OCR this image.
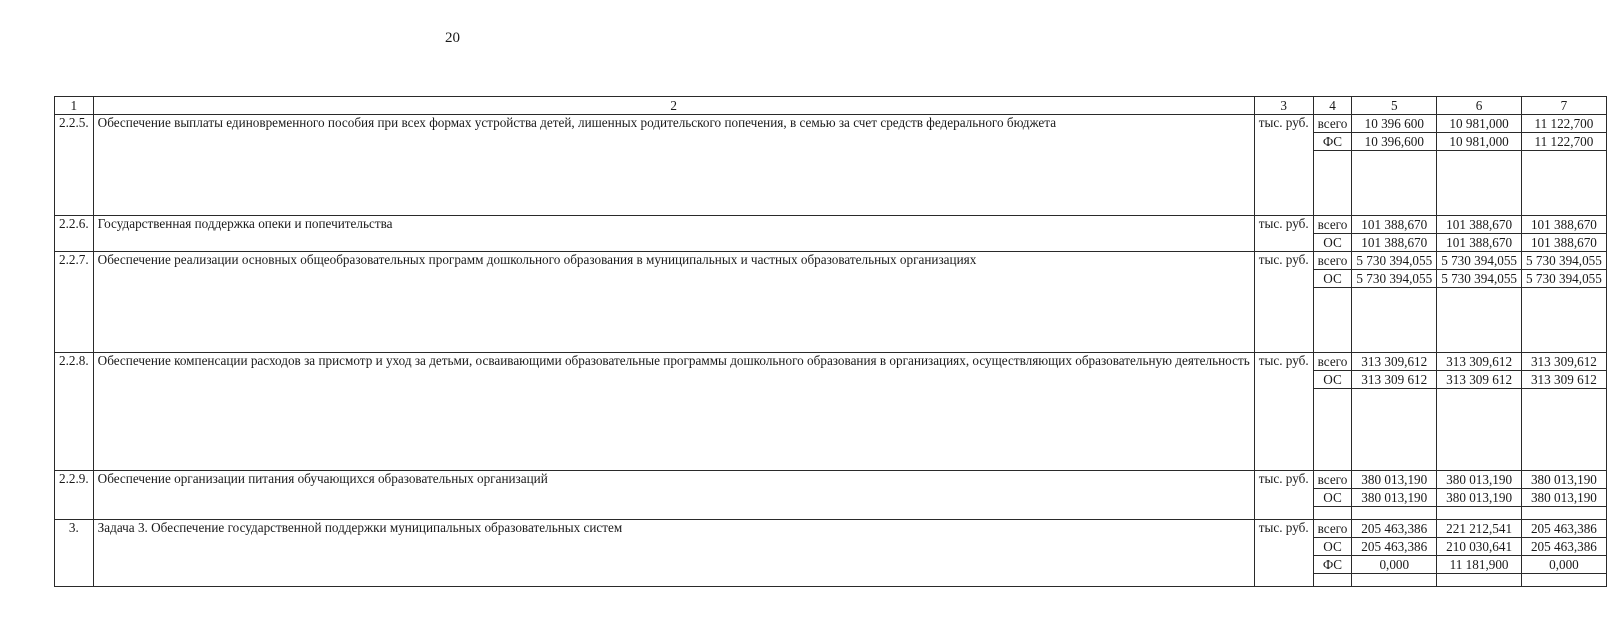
20
1	2	3	4	5	6	7
2.2.5.	Обеспечение выплаты единовременного пособия при всех формах устройства детей, лишенных родительского попечения, в семью за счет средств федерального бюджета	тыс. руб.	всего	10 396 600	10 981,000	11 122,700
			ФС	10 396,600	10 981,000	11 122,700

2.2.6.	Государственная поддержка опеки и попечительства	тыс. руб.	всего	101 388,670	101 388,670	101 388,670
			ОС	101 388,670	101 388,670	101 388,670
2.2.7.	Обеспечение реализации основных общеобразовательных программ дошкольного образования в муниципальных и частных образовательных организациях	тыс. руб.	всего	5 730 394,055	5 730 394,055	5 730 394,055
			ОС	5 730 394,055	5 730 394,055	5 730 394,055

2.2.8.	Обеспечение компенсации расходов за присмотр и уход за детьми, осваивающими образовательные программы дошкольного образования в организациях, осуществляющих образовательную деятельность	тыс. руб.	всего	313 309,612	313 309,612	313 309,612
			ОС	313 309 612	313 309 612	313 309 612

2.2.9.	Обеспечение организации питания обучающихся образовательных организаций	тыс. руб.	всего	380 013,190	380 013,190	380 013,190
			ОС	380 013,190	380 013,190	380 013,190

3.	Задача 3. Обеспечение государственной поддержки муниципальных образовательных систем	тыс. руб.	всего	205 463,386	221 212,541	205 463,386
			ОС	205 463,386	210 030,641	205 463,386
			ФС	0,000	11 181,900	0,000
